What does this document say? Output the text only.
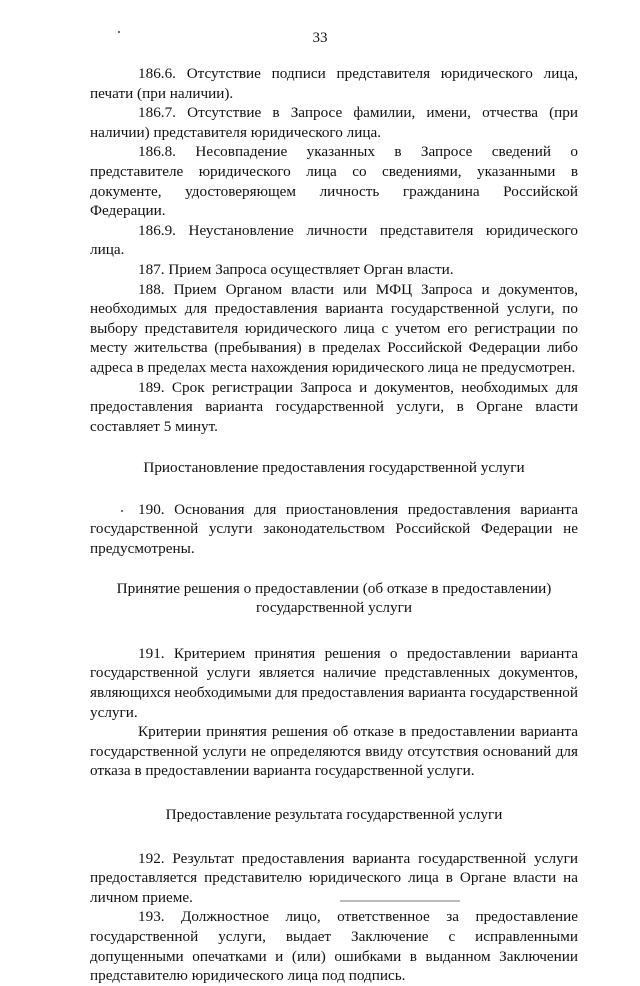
33

186.6. Отсутствие подписи представителя юридического лица, печати (при наличии).

186.7. Отсутствие в Запросе фамилии, имени, отчества (при наличии) представителя юридического лица.

186.8. Несовпадение указанных в Запросе сведений о представителе юридического лица со сведениями, указанными в документе, удостоверяющем личность гражданина Российской Федерации.

186.9. Неустановление личности представителя юридического лица.

187. Прием Запроса осуществляет Орган власти.

188. Прием Органом власти или МФЦ Запроса и документов, необходимых для предоставления варианта государственной услуги, по выбору представителя юридического лица с учетом его регистрации по месту жительства (пребывания) в пределах Российской Федерации либо адреса в пределах места нахождения юридического лица не предусмотрен.

189. Срок регистрации Запроса и документов, необходимых для предоставления варианта государственной услуги, в Органе власти составляет 5 минут.

Приостановление предоставления государственной услуги

190. Основания для приостановления предоставления варианта государственной услуги законодательством Российской Федерации не предусмотрены.

Принятие решения о предоставлении (об отказе в предоставлении)
государственной услуги

191. Критерием принятия решения о предоставлении варианта государственной услуги является наличие представленных документов, являющихся необходимыми для предоставления варианта государственной услуги.

Критерии принятия решения об отказе в предоставлении варианта государственной услуги не определяются ввиду отсутствия оснований для отказа в предоставлении варианта государственной услуги.

Предоставление результата государственной услуги

192. Результат предоставления варианта государственной услуги предоставляется представителю юридического лица в Органе власти на личном приеме.

193. Должностное лицо, ответственное за предоставление государственной услуги, выдает Заключение с исправленными допущенными опечатками и (или) ошибками в выданном Заключении представителю юридического лица под подпись.
